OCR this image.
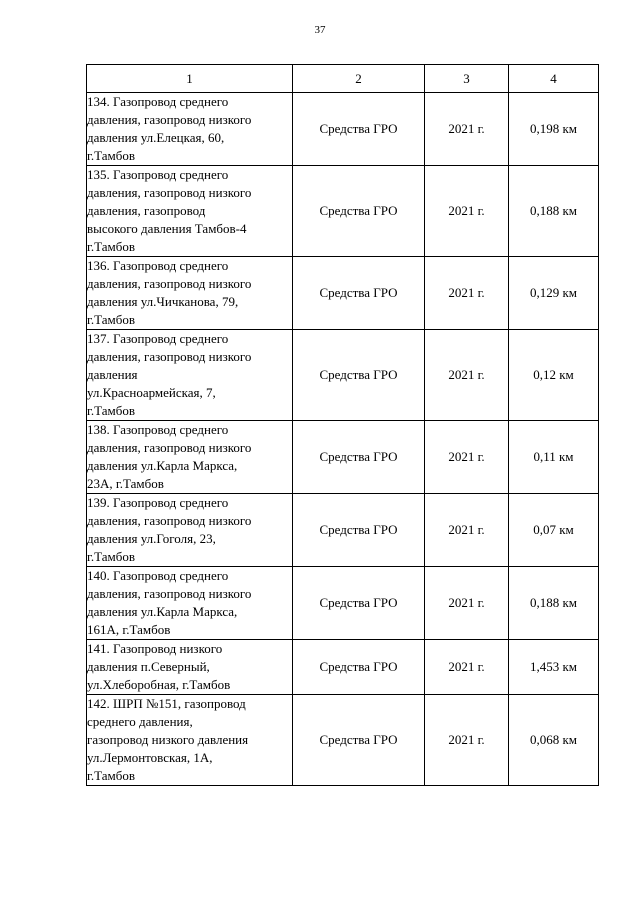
37
1	2	3	4

134. Газопровод среднего
давления, газопровод низкого
давления ул.Елецкая, 60,
г.Тамбов	Средства ГРО	2021 г.	0,198 км

135. Газопровод среднего
давления, газопровод низкого
давления, газопровод
высокого давления Тамбов-4
г.Тамбов	Средства ГРО	2021 г.	0,188 км

136. Газопровод среднего
давления, газопровод низкого
давления ул.Чичканова, 79,
г.Тамбов	Средства ГРО	2021 г.	0,129 км

137. Газопровод среднего
давления, газопровод низкого
давления
ул.Красноармейская, 7,
г.Тамбов	Средства ГРО	2021 г.	0,12 км

138. Газопровод среднего
давления, газопровод низкого
давления ул.Карла Маркса,
23А, г.Тамбов	Средства ГРО	2021 г.	0,11 км

139. Газопровод среднего
давления, газопровод низкого
давления ул.Гоголя, 23,
г.Тамбов	Средства ГРО	2021 г.	0,07 км

140. Газопровод среднего
давления, газопровод низкого
давления ул.Карла Маркса,
161А, г.Тамбов	Средства ГРО	2021 г.	0,188 км

141. Газопровод низкого
давления п.Северный,
ул.Хлеборобная, г.Тамбов	Средства ГРО	2021 г.	1,453 км

142. ШРП №151, газопровод
среднего давления,
газопровод низкого давления
ул.Лермонтовская, 1А,
г.Тамбов	Средства ГРО	2021 г.	0,068 км
